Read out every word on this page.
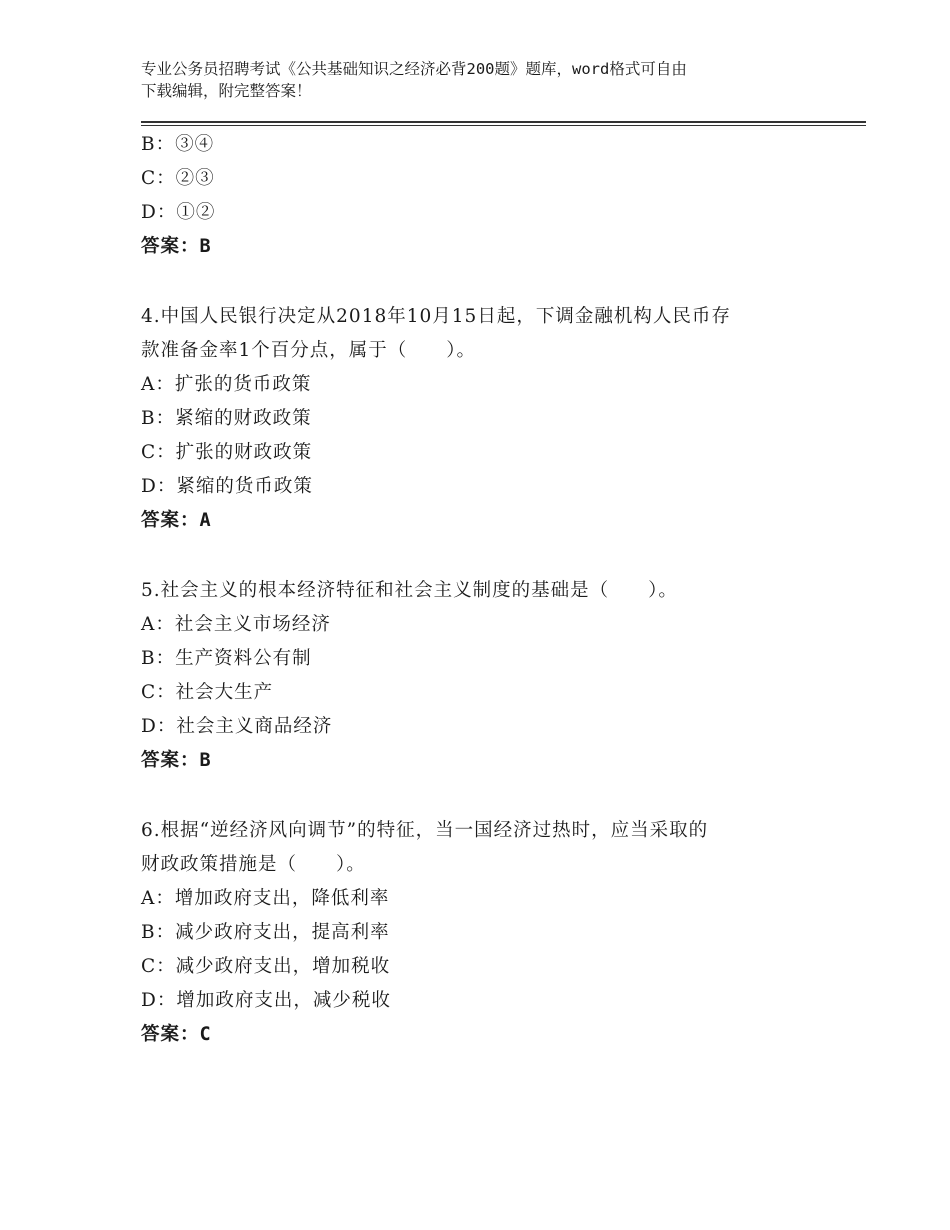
专业公务员招聘考试《公共基础知识之经济必背200题》题库，word格式可自由
下载编辑，附完整答案！
B：③④
C：②③
D：①②
答案：B
4.中国人民银行决定从2018年10月15日起，下调金融机构人民币存
款准备金率1个百分点，属于（　　）。
A：扩张的货币政策
B：紧缩的财政政策
C：扩张的财政政策
D：紧缩的货币政策
答案：A
5.社会主义的根本经济特征和社会主义制度的基础是（　　）。
A：社会主义市场经济
B：生产资料公有制
C：社会大生产
D：社会主义商品经济
答案：B
6.根据“逆经济风向调节”的特征，当一国经济过热时，应当采取的
财政政策措施是（　　）。
A：增加政府支出，降低利率
B：减少政府支出，提高利率
C：减少政府支出，增加税收
D：增加政府支出，减少税收
答案：C
